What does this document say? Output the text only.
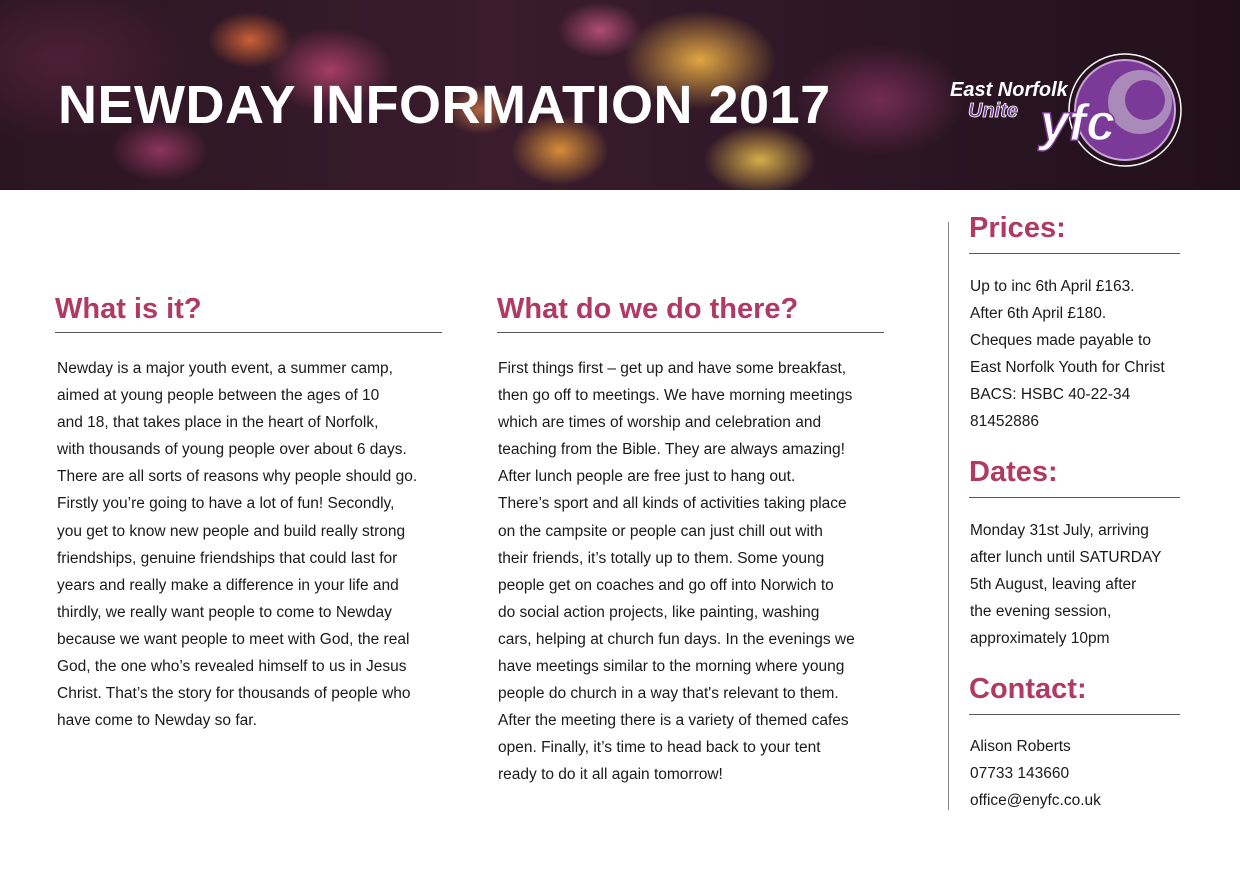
NEWDAY INFORMATION 2017	East Norfolk
Unite yfc
What is it?
Newday is a major youth event, a summer camp,
aimed at young people between the ages of 10
and 18, that takes place in the heart of Norfolk,
with thousands of young people over about 6 days.
There are all sorts of reasons why people should go.
Firstly you’re going to have a lot of fun! Secondly,
you get to know new people and build really strong
friendships, genuine friendships that could last for
years and really make a difference in your life and
thirdly, we really want people to come to Newday
because we want people to meet with God, the real
God, the one who’s revealed himself to us in Jesus
Christ. That’s the story for thousands of people who
have come to Newday so far.
What do we do there?
First things first – get up and have some breakfast,
then go off to meetings. We have morning meetings
which are times of worship and celebration and
teaching from the Bible. They are always amazing!
After lunch people are free just to hang out.
There’s sport and all kinds of activities taking place
on the campsite or people can just chill out with
their friends, it’s totally up to them. Some young
people get on coaches and go off into Norwich to
do social action projects, like painting, washing
cars, helping at church fun days. In the evenings we
have meetings similar to the morning where young
people do church in a way that's relevant to them.
After the meeting there is a variety of themed cafes
open. Finally, it’s time to head back to your tent
ready to do it all again tomorrow!
Prices:
Up to inc 6th April £163.
After 6th April £180.
Cheques made payable to
East Norfolk Youth for Christ
BACS: HSBC 40-22-34
81452886
Dates:
Monday 31st July, arriving
after lunch until SATURDAY
5th August, leaving after
the evening session,
approximately 10pm
Contact:
Alison Roberts
07733 143660
office@enyfc.co.uk
